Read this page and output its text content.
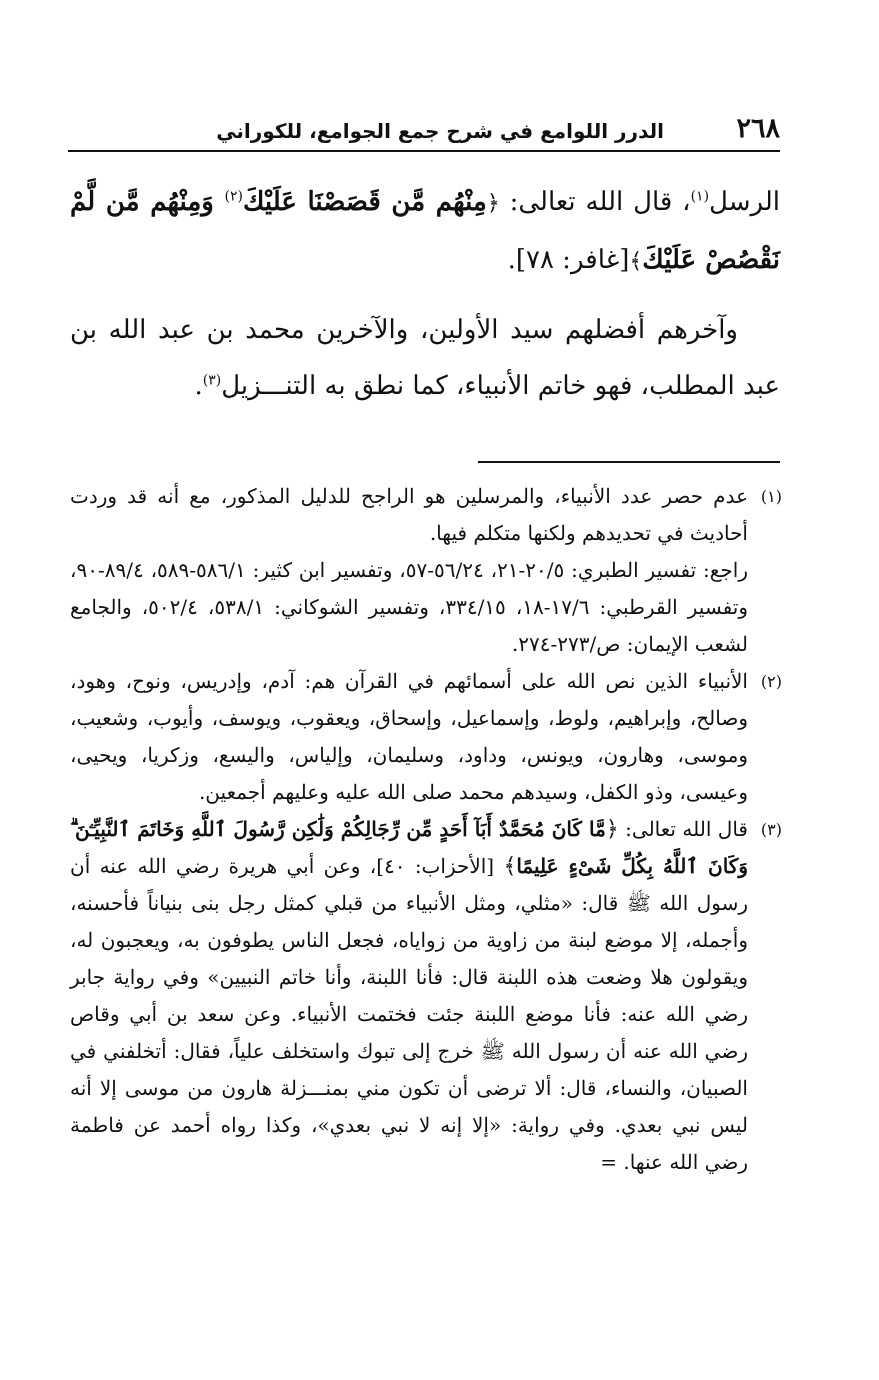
٢٦٨
الدرر اللوامع في شرح جمع الجوامع، للكوراني

الرسل$^{(١)}$، قال الله تعالى: ﴿مِنْهُم مَّن قَصَصْنَا عَلَيْكَ$^{(٢)}$ وَمِنْهُم مَّن لَّمْ نَقْصُصْ عَلَيْكَ﴾[غافر: ٧٨].

وآخرهم أفضلهم سيد الأولين، والآخرين محمد بن عبد الله بن عبد المطلب، فهو خاتم الأنبياء، كما نطق به التنـــزيل$^{(٣)}$.

(١)

عدم حصر عدد الأنبياء، والمرسلين هو الراجح للدليل المذكور، مع أنه قد وردت أحاديث في تحديدهم ولكنها متكلم فيها.

راجع: تفسير الطبري: ٢٠/٥-٢١، ٥٦/٢٤-٥٧، وتفسير ابن كثير: ٥٨٦/١-٥٨٩، ٨٩/٤-٩٠، وتفسير القرطبي: ١٧/٦-١٨، ٣٣٤/١٥، وتفسير الشوكاني: ٥٣٨/١، ٥٠٢/٤، والجامع لشعب الإيمان: ص/٢٧٣-٢٧٤.

(٢)

الأنبياء الذين نص الله على أسمائهم في القرآن هم: آدم، وإدريس، ونوح، وهود، وصالح، وإبراهيم، ولوط، وإسماعيل، وإسحاق، ويعقوب، ويوسف، وأيوب، وشعيب، وموسى، وهارون، ويونس، وداود، وسليمان، وإلياس، واليسع، وزكريا، ويحيى، وعيسى، وذو الكفل، وسيدهم محمد صلى الله عليه وعليهم أجمعين.

(٣)

قال الله تعالى: ﴿مَّا كَانَ مُحَمَّدٌ أَبَآ أَحَدٍ مِّن رِّجَالِكُمْ وَلَٰكِن رَّسُولَ ٱللَّهِ وَخَاتَمَ ٱلنَّبِيِّـۧنَ ۗ وَكَانَ ٱللَّهُ بِكُلِّ شَىْءٍ عَلِيمًا﴾ [الأحزاب: ٤٠]، وعن أبي هريرة رضي الله عنه أن رسول الله ﷺ قال: «مثلي، ومثل الأنبياء من قبلي كمثل رجل بنى بنياناً فأحسنه، وأجمله، إلا موضع لبنة من زاوية من زواياه، فجعل الناس يطوفون به، ويعجبون له، ويقولون هلا وضعت هذه اللبنة قال: فأنا اللبنة، وأنا خاتم النبيين» وفي رواية جابر رضي الله عنه: فأنا موضع اللبنة جئت فختمت الأنبياء. وعن سعد بن أبي وقاص رضي الله عنه أن رسول الله ﷺ خرج إلى تبوك واستخلف علياً، فقال: أتخلفني في الصبيان، والنساء، قال: ألا ترضى أن تكون مني بمنـــزلة هارون من موسى إلا أنه ليس نبي بعدي. وفي رواية: «إلا إنه لا نبي بعدي»، وكذا رواه أحمد عن فاطمة رضي الله عنها. =
